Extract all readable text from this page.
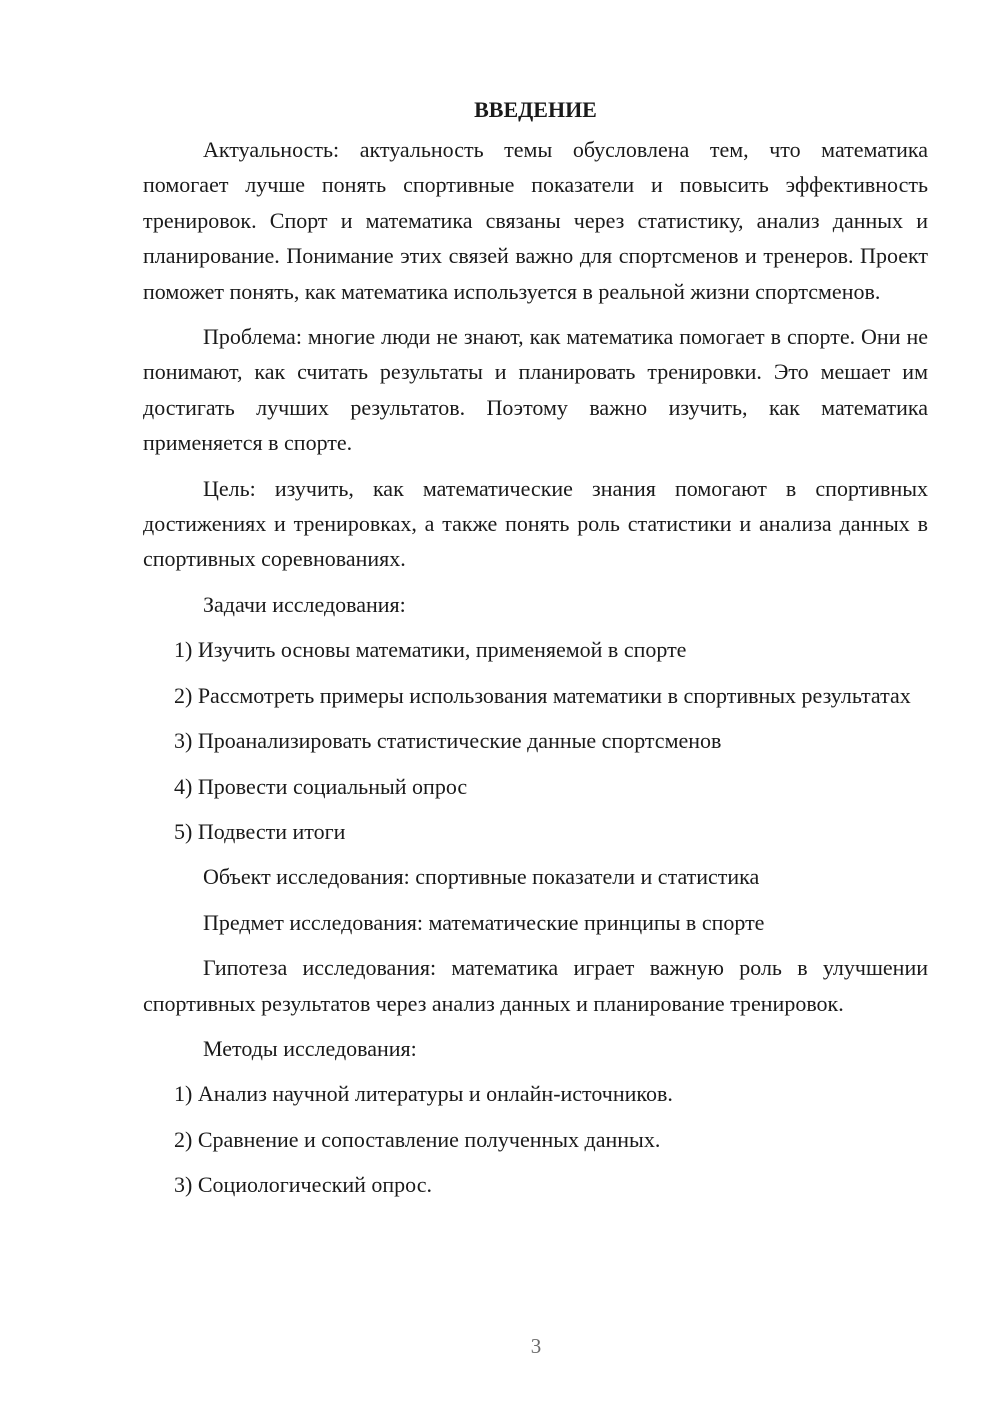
ВВЕДЕНИЕ

Актуальность: актуальность темы обусловлена тем, что математика помогает лучше понять спортивные показатели и повысить эффективность тренировок. Спорт и математика связаны через статистику, анализ данных и планирование. Понимание этих связей важно для спортсменов и тренеров. Проект поможет понять, как математика используется в реальной жизни спортсменов.

Проблема: многие люди не знают, как математика помогает в спорте. Они не понимают, как считать результаты и планировать тренировки. Это мешает им достигать лучших результатов. Поэтому важно изучить, как математика применяется в спорте.

Цель: изучить, как математические знания помогают в спортивных достижениях и тренировках, а также понять роль статистики и анализа данных в спортивных соревнованиях.

Задачи исследования:

1) Изучить основы математики, применяемой в спорте

2) Рассмотреть примеры использования математики в спортивных результатах

3) Проанализировать статистические данные спортсменов

4) Провести социальный опрос

5) Подвести итоги

Объект исследования: спортивные показатели и статистика

Предмет исследования: математические принципы в спорте

Гипотеза исследования: математика играет важную роль в улучшении спортивных результатов через анализ данных и планирование тренировок.

Методы исследования:

1) Анализ научной литературы и онлайн-источников.

2) Сравнение и сопоставление полученных данных.

3) Социологический опрос.

3
